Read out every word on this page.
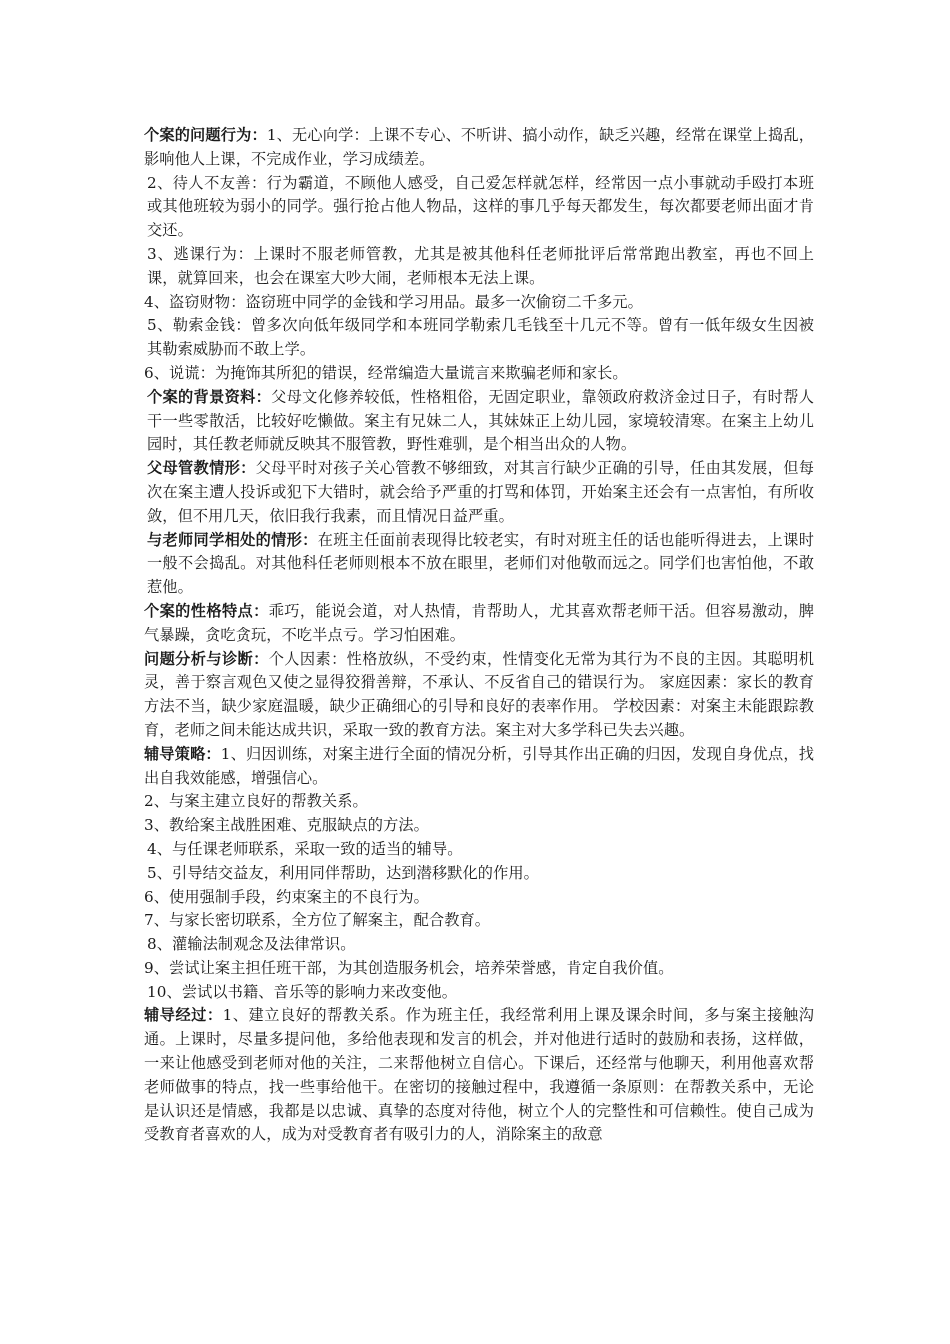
个案的问题行为：1、无心向学：上课不专心、不听讲、搞小动作，缺乏兴趣，经常在课堂上捣乱，影响他人上课，不完成作业，学习成绩差。

2、待人不友善：行为霸道，不顾他人感受，自己爱怎样就怎样，经常因一点小事就动手殴打本班或其他班较为弱小的同学。强行抢占他人物品，这样的事几乎每天都发生，每次都要老师出面才肯交还。

3、逃课行为：上课时不服老师管教，尤其是被其他科任老师批评后常常跑出教室，再也不回上课，就算回来，也会在课室大吵大闹，老师根本无法上课。

4、盗窃财物：盗窃班中同学的金钱和学习用品。最多一次偷窃二千多元。

5、勒索金钱：曾多次向低年级同学和本班同学勒索几毛钱至十几元不等。曾有一低年级女生因被其勒索威胁而不敢上学。

6、说谎：为掩饰其所犯的错误，经常编造大量谎言来欺骗老师和家长。

个案的背景资料：父母文化修养较低，性格粗俗，无固定职业，靠领政府救济金过日子，有时帮人干一些零散活，比较好吃懒做。案主有兄妹二人，其妹妹正上幼儿园，家境较清寒。在案主上幼儿园时，其任教老师就反映其不服管教，野性难驯，是个相当出众的人物。

父母管教情形：父母平时对孩子关心管教不够细致，对其言行缺少正确的引导，任由其发展，但每次在案主遭人投诉或犯下大错时，就会给予严重的打骂和体罚，开始案主还会有一点害怕，有所收敛，但不用几天，依旧我行我素，而且情况日益严重。

与老师同学相处的情形：在班主任面前表现得比较老实，有时对班主任的话也能听得进去，上课时一般不会捣乱。对其他科任老师则根本不放在眼里，老师们对他敬而远之。同学们也害怕他，不敢惹他。

个案的性格特点：乖巧，能说会道，对人热情，肯帮助人，尤其喜欢帮老师干活。但容易激动，脾气暴躁，贪吃贪玩，不吃半点亏。学习怕困难。

问题分析与诊断：个人因素：性格放纵，不受约束，性情变化无常为其行为不良的主因。其聪明机灵，善于察言观色又使之显得狡猾善辩，不承认、不反省自己的错误行为。 家庭因素：家长的教育方法不当，缺少家庭温暖，缺少正确细心的引导和良好的表率作用。 学校因素：对案主未能跟踪教育，老师之间未能达成共识，采取一致的教育方法。案主对大多学科已失去兴趣。

辅导策略：1、归因训练，对案主进行全面的情况分析，引导其作出正确的归因，发现自身优点，找出自我效能感，增强信心。

2、与案主建立良好的帮教关系。

3、教给案主战胜困难、克服缺点的方法。

4、与任课老师联系，采取一致的适当的辅导。

5、引导结交益友，利用同伴帮助，达到潜移默化的作用。

6、使用强制手段，约束案主的不良行为。

7、与家长密切联系，全方位了解案主，配合教育。

8、灌输法制观念及法律常识。

9、尝试让案主担任班干部，为其创造服务机会，培养荣誉感，肯定自我价值。

10、尝试以书籍、音乐等的影响力来改变他。

辅导经过：1、建立良好的帮教关系。作为班主任，我经常利用上课及课余时间，多与案主接触沟通。上课时，尽量多提问他，多给他表现和发言的机会，并对他进行适时的鼓励和表扬，这样做，一来让他感受到老师对他的关注，二来帮他树立自信心。下课后，还经常与他聊天，利用他喜欢帮老师做事的特点，找一些事给他干。在密切的接触过程中，我遵循一条原则：在帮教关系中，无论是认识还是情感，我都是以忠诚、真挚的态度对待他，树立个人的完整性和可信赖性。使自己成为受教育者喜欢的人，成为对受教育者有吸引力的人，消除案主的敌意
